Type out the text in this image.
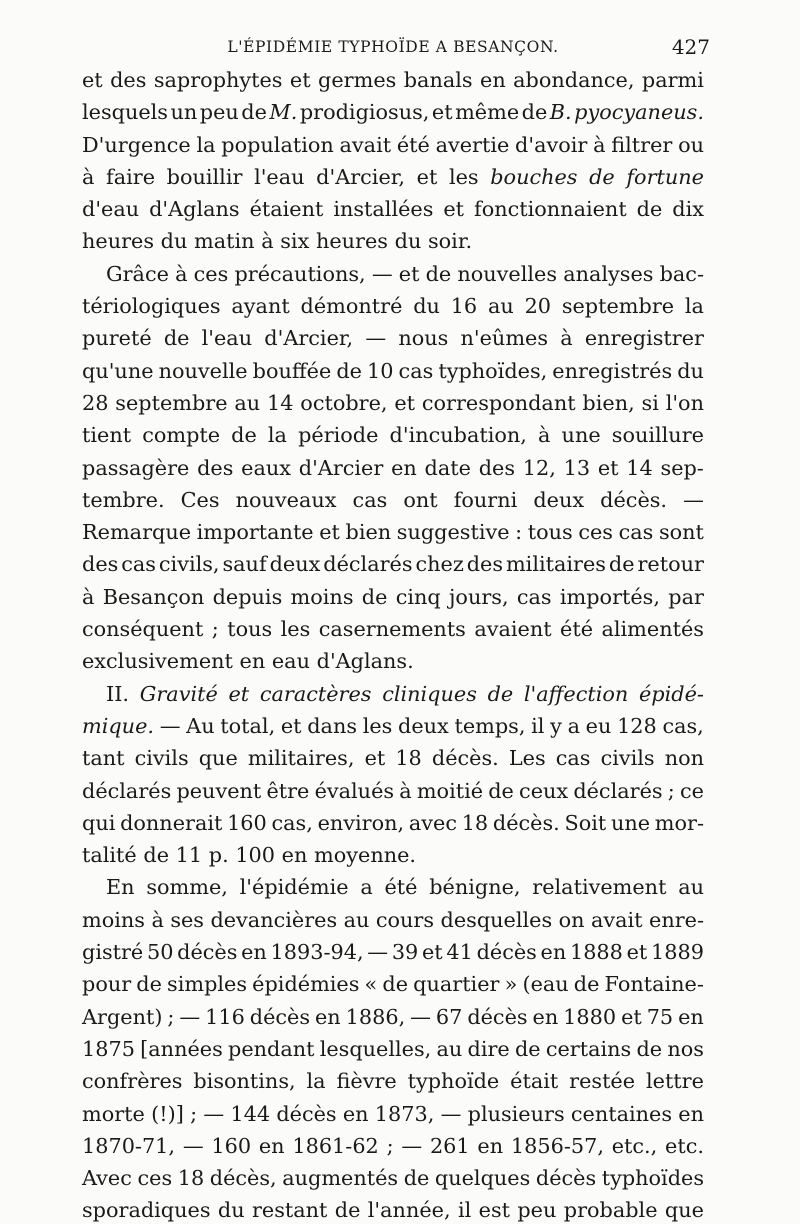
L'ÉPIDÉMIE TYPHOÏDE A BESANÇON.	427
et des saprophytes et germes banals en abondance, parmi
lesquels un peu de M. prodigiosus, et même de B. pyocyaneus.
D'urgence la population avait été avertie d'avoir à filtrer ou
à faire bouillir l'eau d'Arcier, et les bouches de fortune
d'eau d'Aglans étaient installées et fonctionnaient de dix
heures du matin à six heures du soir.
Grâce à ces précautions, — et de nouvelles analyses bac-
tériologiques ayant démontré du 16 au 20 septembre la
pureté de l'eau d'Arcier, — nous n'eûmes à enregistrer
qu'une nouvelle bouffée de 10 cas typhoïdes, enregistrés du
28 septembre au 14 octobre, et correspondant bien, si l'on
tient compte de la période d'incubation, à une souillure
passagère des eaux d'Arcier en date des 12, 13 et 14 sep-
tembre. Ces nouveaux cas ont fourni deux décès. —
Remarque importante et bien suggestive : tous ces cas sont
des cas civils, sauf deux déclarés chez des militaires de retour
à Besançon depuis moins de cinq jours, cas importés, par
conséquent ; tous les casernements avaient été alimentés
exclusivement en eau d'Aglans.
II. Gravité et caractères cliniques de l'affection épidé-
mique. — Au total, et dans les deux temps, il y a eu 128 cas,
tant civils que militaires, et 18 décès. Les cas civils non
déclarés peuvent être évalués à moitié de ceux déclarés ; ce
qui donnerait 160 cas, environ, avec 18 décès. Soit une mor-
talité de 11 p. 100 en moyenne.
En somme, l'épidémie a été bénigne, relativement au
moins à ses devancières au cours desquelles on avait enre-
gistré 50 décès en 1893-94, — 39 et 41 décès en 1888 et 1889
pour de simples épidémies « de quartier » (eau de Fontaine-
Argent) ; — 116 décès en 1886, — 67 décès en 1880 et 75 en
1875 [années pendant lesquelles, au dire de certains de nos
confrères bisontins, la fièvre typhoïde était restée lettre
morte (!)] ; — 144 décès en 1873, — plusieurs centaines en
1870-71, — 160 en 1861-62 ; — 261 en 1856-57, etc., etc.
Avec ces 18 décès, augmentés de quelques décès typhoïdes
sporadiques du restant de l'année, il est peu probable que
